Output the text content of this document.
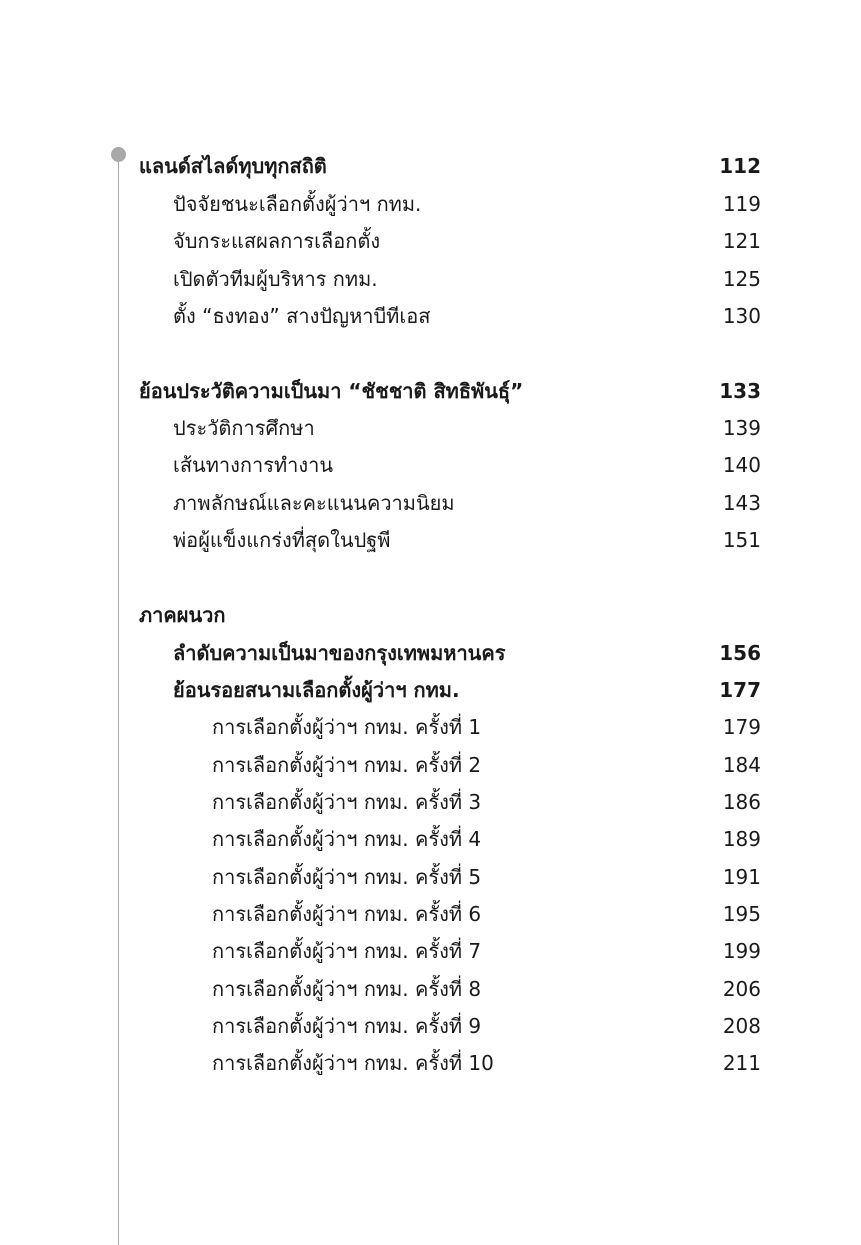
แลนด์สไลด์ทุบทุกสถิติ	112
ปัจจัยชนะเลือกตั้งผู้ว่าฯ กทม.	119
จับกระแสผลการเลือกตั้ง	121
เปิดตัวทีมผู้บริหาร กทม.	125
ตั้ง “ธงทอง” สางปัญหาบีทีเอส	130
ย้อนประวัติความเป็นมา “ชัชชาติ สิทธิพันธุ์”	133
ประวัติการศึกษา	139
เส้นทางการทำงาน	140
ภาพลักษณ์และคะแนนความนิยม	143
พ่อผู้แข็งแกร่งที่สุดในปฐพี	151
ภาคผนวก
ลำดับความเป็นมาของกรุงเทพมหานคร	156
ย้อนรอยสนามเลือกตั้งผู้ว่าฯ กทม.	177
การเลือกตั้งผู้ว่าฯ กทม. ครั้งที่ 1	179
การเลือกตั้งผู้ว่าฯ กทม. ครั้งที่ 2	184
การเลือกตั้งผู้ว่าฯ กทม. ครั้งที่ 3	186
การเลือกตั้งผู้ว่าฯ กทม. ครั้งที่ 4	189
การเลือกตั้งผู้ว่าฯ กทม. ครั้งที่ 5	191
การเลือกตั้งผู้ว่าฯ กทม. ครั้งที่ 6	195
การเลือกตั้งผู้ว่าฯ กทม. ครั้งที่ 7	199
การเลือกตั้งผู้ว่าฯ กทม. ครั้งที่ 8	206
การเลือกตั้งผู้ว่าฯ กทม. ครั้งที่ 9	208
การเลือกตั้งผู้ว่าฯ กทม. ครั้งที่ 10	211
